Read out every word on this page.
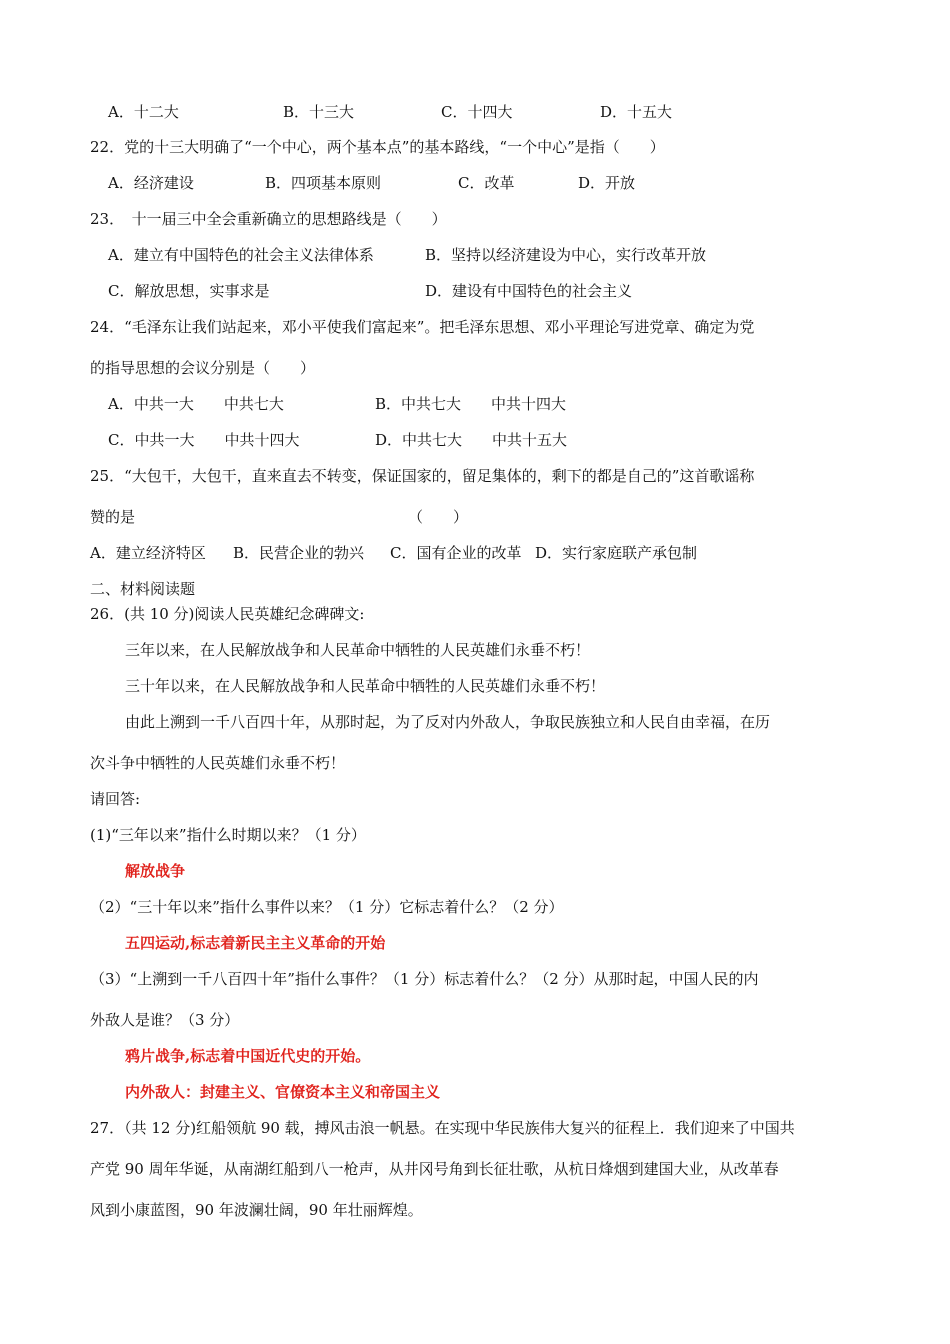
A．十二大	B．十三大	C．十四大	D．十五大
22．党的十三大明确了“一个中心，两个基本点”的基本路线，“一个中心”是指（　　）
A．经济建设	B．四项基本原则	C．改革	D．开放
23．　十一届三中全会重新确立的思想路线是（　　）
A．建立有中国特色的社会主义法律体系	B．坚持以经济建设为中心，实行改革开放
C．解放思想，实事求是	D．建设有中国特色的社会主义
24．“毛泽东让我们站起来，邓小平使我们富起来”。把毛泽东思想、邓小平理论写进党章、确定为党
的指导思想的会议分别是（　　）
A．中共一大　　中共七大	B．中共七大　　中共十四大
C．中共一大　　中共十四大	D．中共七大　　中共十五大
25．“大包干，大包干，直来直去不转变，保证国家的，留足集体的，剩下的都是自己的”这首歌谣称
赞的是	（　　）
A．建立经济特区 B．民营企业的勃兴 C．国有企业的改革 D．实行家庭联产承包制
二、材料阅读题
26．(共 10 分)阅读人民英雄纪念碑碑文:
三年以来，在人民解放战争和人民革命中牺牲的人民英雄们永垂不朽！
三十年以来，在人民解放战争和人民革命中牺牲的人民英雄们永垂不朽！
由此上溯到一千八百四十年，从那时起，为了反对内外敌人，争取民族独立和人民自由幸福，在历
次斗争中牺牲的人民英雄们永垂不朽！
请回答:
(1)“三年以来”指什么时期以来？（1 分）
解放战争
（2）“三十年以来”指什么事件以来？（1 分）它标志着什么？（2 分）
五四运动,标志着新民主主义革命的开始
（3）“上溯到一千八百四十年”指什么事件？（1 分）标志着什么？（2 分）从那时起，中国人民的内
外敌人是谁？（3 分）
鸦片战争,标志着中国近代史的开始。
内外敌人：封建主义、官僚资本主义和帝国主义
27．（共 12 分)红船领航 90 载，搏风击浪一帆悬。在实现中华民族伟大复兴的征程上．我们迎来了中国共
产党 90 周年华诞，从南湖红船到八一枪声，从井冈号角到长征壮歌，从杭日烽烟到建国大业，从改革春
风到小康蓝图，90 年波澜壮阔，90 年壮丽辉煌。
